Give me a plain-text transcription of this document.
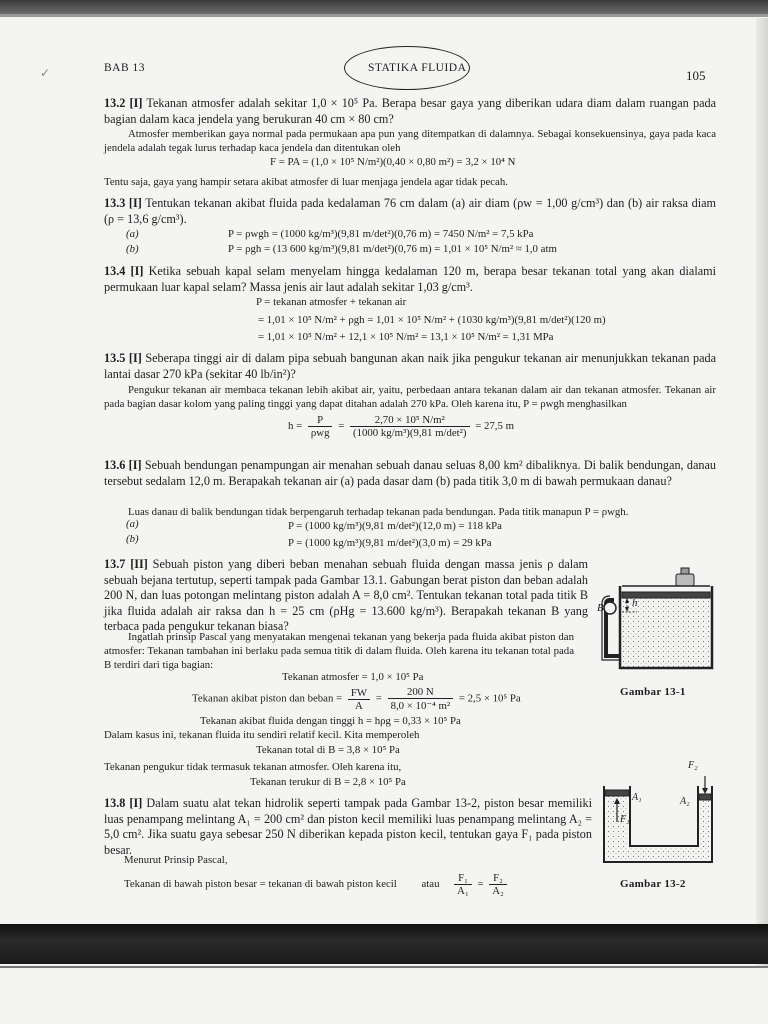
✓	BAB 13	STATIKA FLUIDA	105
13.2 [I] Tekanan atmosfer adalah sekitar 1,0 × 10⁵ Pa. Berapa besar gaya yang diberikan udara diam dalam ruangan pada bagian dalam kaca jendela yang berukuran 40 cm × 80 cm?
Atmosfer memberikan gaya normal pada permukaan apa pun yang ditempatkan di dalamnya. Sebagai konsekuensinya, gaya pada kaca jendela adalah tegak lurus terhadap kaca jendela dan ditentukan oleh
F = PA = (1,0 × 10⁵ N/m²)(0,40 × 0,80 m²) = 3,2 × 10⁴ N
Tentu saja, gaya yang hampir setara akibat atmosfer di luar menjaga jendela agar tidak pecah.
13.3 [I] Tentukan tekanan akibat fluida pada kedalaman 76 cm dalam (a) air diam (ρw = 1,00 g/cm³) dan (b) air raksa diam (ρ = 13,6 g/cm³).
(a)	P = ρwgh = (1000 kg/m³)(9,81 m/det²)(0,76 m) = 7450 N/m² = 7,5 kPa
(b)	P = ρgh = (13 600 kg/m³)(9,81 m/det²)(0,76 m) = 1,01 × 10⁵ N/m² ≈ 1,0 atm
13.4 [I] Ketika sebuah kapal selam menyelam hingga kedalaman 120 m, berapa besar tekanan total yang akan dialami permukaan luar kapal selam? Massa jenis air laut adalah sekitar 1,03 g/cm³.
P = tekanan atmosfer + tekanan air
= 1,01 × 10⁵ N/m² + ρgh = 1,01 × 10⁵ N/m² + (1030 kg/m³)(9,81 m/det²)(120 m)
= 1,01 × 10⁵ N/m² + 12,1 × 10⁵ N/m² = 13,1 × 10⁵ N/m² = 1,31 MPa
13.5 [I] Seberapa tinggi air di dalam pipa sebuah bangunan akan naik jika pengukur tekanan air menunjukkan tekanan pada lantai dasar 270 kPa (sekitar 40 lb/in²)?
Pengukur tekanan air membaca tekanan lebih akibat air, yaitu, perbedaan antara tekanan dalam air dan tekanan atmosfer. Tekanan air pada bagian dasar kolom yang paling tinggi yang dapat ditahan adalah 270 kPa. Oleh karena itu, P = ρwgh menghasilkan
$h = \frac{P}{\text{ρwg}} = \frac{\text{2,70 × 10⁵ N/m²}}{\text{(1000 kg/m³)(9,81 m/det²)}} = 27,5$ m
13.6 [I] Sebuah bendungan penampungan air menahan sebuah danau seluas 8,00 km² dibaliknya. Di balik bendungan, danau tersebut sedalam 12,0 m. Berapakah tekanan air (a) pada dasar dam (b) pada titik 3,0 m di bawah permukaan danau?
Luas danau di balik bendungan tidak berpengaruh terhadap tekanan pada bendungan. Pada titik manapun P = ρwgh.
(a)	P = (1000 kg/m³)(9,81 m/det²)(12,0 m) = 118 kPa
(b)	P = (1000 kg/m³)(9,81 m/det²)(3,0 m) = 29 kPa
13.7 [II] Sebuah piston yang diberi beban menahan sebuah fluida dengan massa jenis ρ dalam sebuah bejana tertutup, seperti tampak pada Gambar 13.1. Gabungan berat piston dan beban adalah 200 N, dan luas potongan melintang piston adalah A = 8,0 cm². Tentukan tekanan total pada titik B jika fluida adalah air raksa dan h = 25 cm (ρHg = 13.600 kg/m³). Berapakah tekanan B yang terbaca pada pengukur tekanan biasa?
Ingatlah prinsip Pascal yang menyatakan mengenai tekanan yang bekerja pada fluida akibat piston dan atmosfer: Tekanan tambahan ini berlaku pada semua titik di dalam fluida. Oleh karena itu tekanan total pada B terdiri dari tiga bagian:
Tekanan atmosfer = 1,0 × 10⁵ Pa
Tekanan akibat piston dan beban = $\frac{FW}{A} = \frac{200 N}{\text{8,0 × 10⁻⁴ m²}} = 2,5 \times 10^5$ Pa
Tekanan akibat fluida dengan tinggi h = hρg = 0,33 × 10⁵ Pa
Dalam kasus ini, tekanan fluida itu sendiri relatif kecil. Kita memperoleh
Tekanan total di B = 3,8 × 10⁵ Pa
Tekanan pengukur tidak termasuk tekanan atmosfer. Oleh karena itu,
Tekanan terukur di B = 2,8 × 10⁵ Pa
13.8 [I] Dalam suatu alat tekan hidrolik seperti tampak pada Gambar 13-2, piston besar memiliki luas penampang melintang A₁ = 200 cm² dan piston kecil memiliki luas penampang melintang A₂ = 5,0 cm². Jika suatu gaya sebesar 250 N diberikan kepada piston kecil, tentukan gaya F₁ pada piston besar.
Menurut Prinsip Pascal,
Tekanan di bawah piston besar = tekanan di bawah piston kecil atau $\frac{\text{F₁}}{\text{A₁}} = \frac{\text{F₂}}{\text{A₂}}$
B	h
Gambar 13-1
A₁	A₂
F₁
F₂
Gambar 13-2
